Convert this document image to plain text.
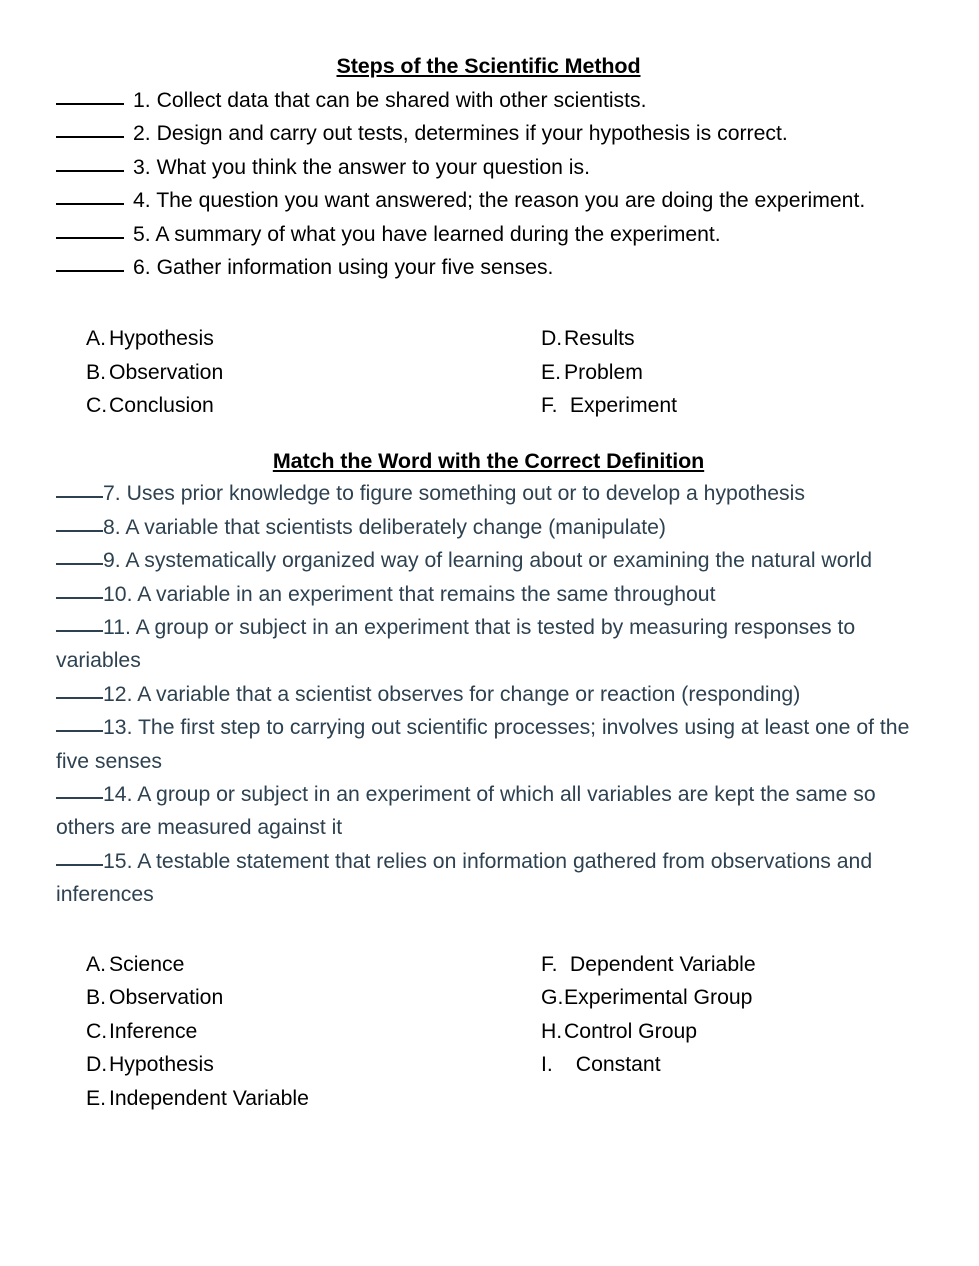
Steps of the Scientific Method
1. Collect data that can be shared with other scientists.
2. Design and carry out tests, determines if your hypothesis is correct.
3. What you think the answer to your question is.
4. The question you want answered; the reason you are doing the experiment.
5. A summary of what you have learned during the experiment.
6. Gather information using your five senses.
A. Hypothesis
B. Observation
C. Conclusion
D. Results
E. Problem
F. Experiment
Match the Word with the Correct Definition
7. Uses prior knowledge to figure something out or to develop a hypothesis
8. A variable that scientists deliberately change (manipulate)
9. A systematically organized way of learning about or examining the natural world
10. A variable in an experiment that remains the same throughout
11. A group or subject in an experiment that is tested by measuring responses to variables
12. A variable that a scientist observes for change or reaction (responding)
13. The first step to carrying out scientific processes; involves using at least one of the five senses
14. A group or subject in an experiment of which all variables are kept the same so others are measured against it
15. A testable statement that relies on information gathered from observations and inferences
A. Science
B. Observation
C. Inference
D. Hypothesis
E. Independent Variable
F. Dependent Variable
G. Experimental Group
H. Control Group
I. Constant
